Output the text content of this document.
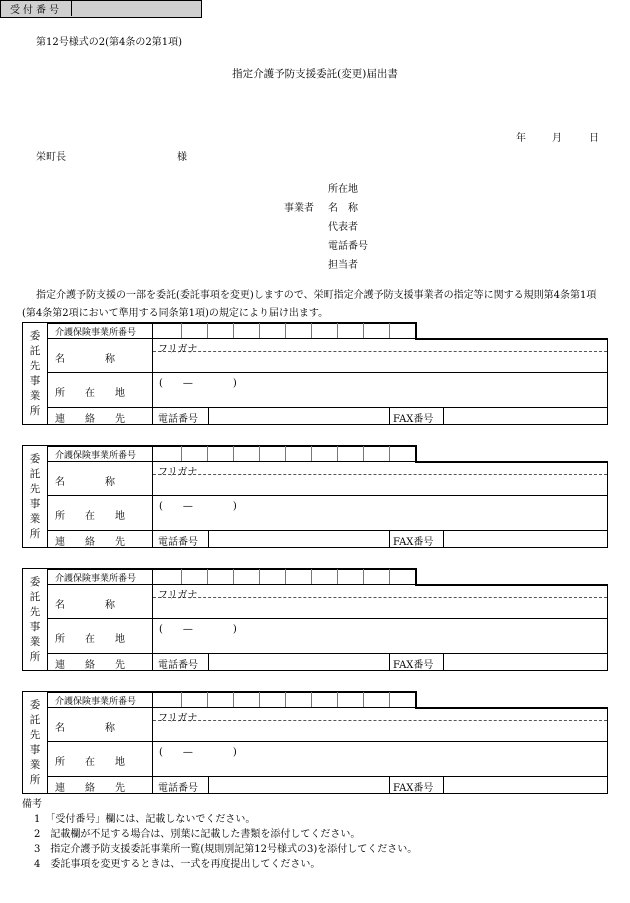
第12号様式の2(第4条の2第1項)
指定介護予防支援委託(変更)届出書
受付番号
年	月	日
栄町長	様
所在地
事業者 名　称
代表者
電話番号
担当者
指定介護予防支援の一部を委託(委託事項を変更)しますので、栄町指定介護予防支援事業者の指定等に関する規則第4条第1項(第4条第2項において準用する同条第1項)の規定により届け出ます。
委
託
先
事
業
所
介護保険事業所番号
名　　　　称
フリガナ
所　　在　　地
(　　—　　　　)
連　　絡　　先	電話番号	FAX番号
委
託
先
事
業
所
介護保険事業所番号
名　　　　称
フリガナ
所　　在　　地
(　　—　　　　)
連　　絡　　先	電話番号	FAX番号
委
託
先
事
業
所
介護保険事業所番号
名　　　　称
フリガナ
所　　在　　地
(　　—　　　　)
連　　絡　　先	電話番号	FAX番号
委
託
先
事
業
所
介護保険事業所番号
名　　　　称
フリガナ
所　　在　　地
(　　—　　　　)
連　　絡　　先	電話番号	FAX番号
備考
1　「受付番号」欄には、記載しないでください。
2　記載欄が不足する場合は、別葉に記載した書類を添付してください。
3　指定介護予防支援委託事業所一覧(規則別記第12号様式の3)を添付してください。
4　委託事項を変更するときは、一式を再度提出してください。
